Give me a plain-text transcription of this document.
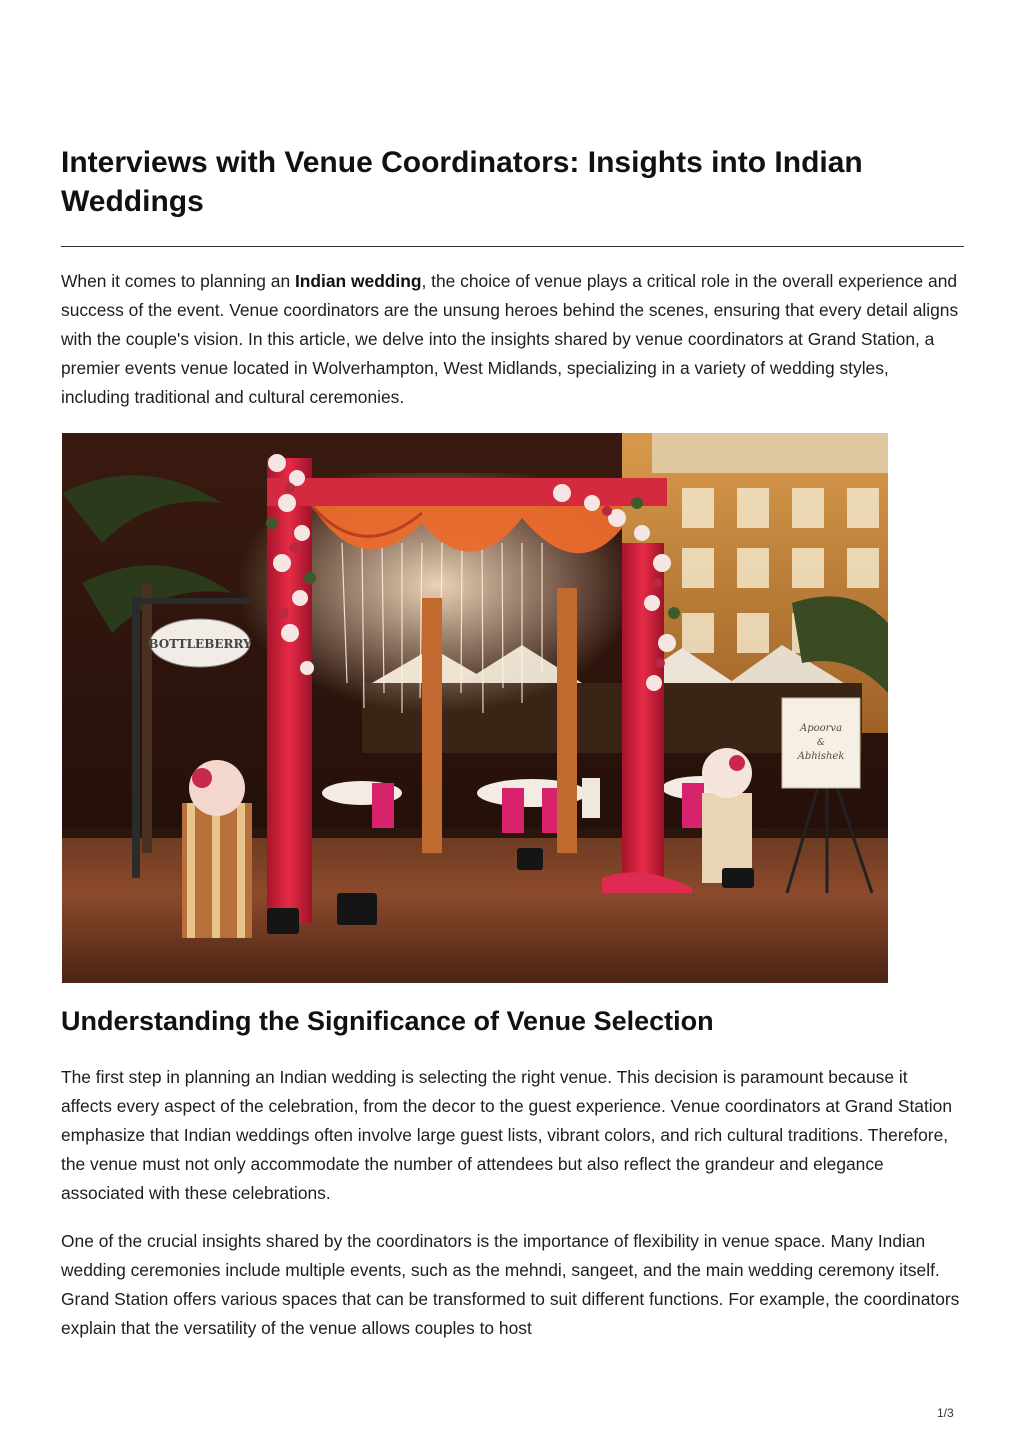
Interviews with Venue Coordinators: Insights into Indian Weddings

When it comes to planning an Indian wedding, the choice of venue plays a critical role in the overall experience and success of the event. Venue coordinators are the unsung heroes behind the scenes, ensuring that every detail aligns with the couple's vision. In this article, we delve into the insights shared by venue coordinators at Grand Station, a premier events venue located in Wolverhampton, West Midlands, specializing in a variety of wedding styles, including traditional and cultural ceremonies.

BOTTLEBERRY
Apoorva
&
Abhishek
Understanding the Significance of Venue Selection

The first step in planning an Indian wedding is selecting the right venue. This decision is paramount because it affects every aspect of the celebration, from the decor to the guest experience. Venue coordinators at Grand Station emphasize that Indian weddings often involve large guest lists, vibrant colors, and rich cultural traditions. Therefore, the venue must not only accommodate the number of attendees but also reflect the grandeur and elegance associated with these celebrations.

One of the crucial insights shared by the coordinators is the importance of flexibility in venue space. Many Indian wedding ceremonies include multiple events, such as the mehndi, sangeet, and the main wedding ceremony itself. Grand Station offers various spaces that can be transformed to suit different functions. For example, the coordinators explain that the versatility of the venue allows couples to host

1/3
